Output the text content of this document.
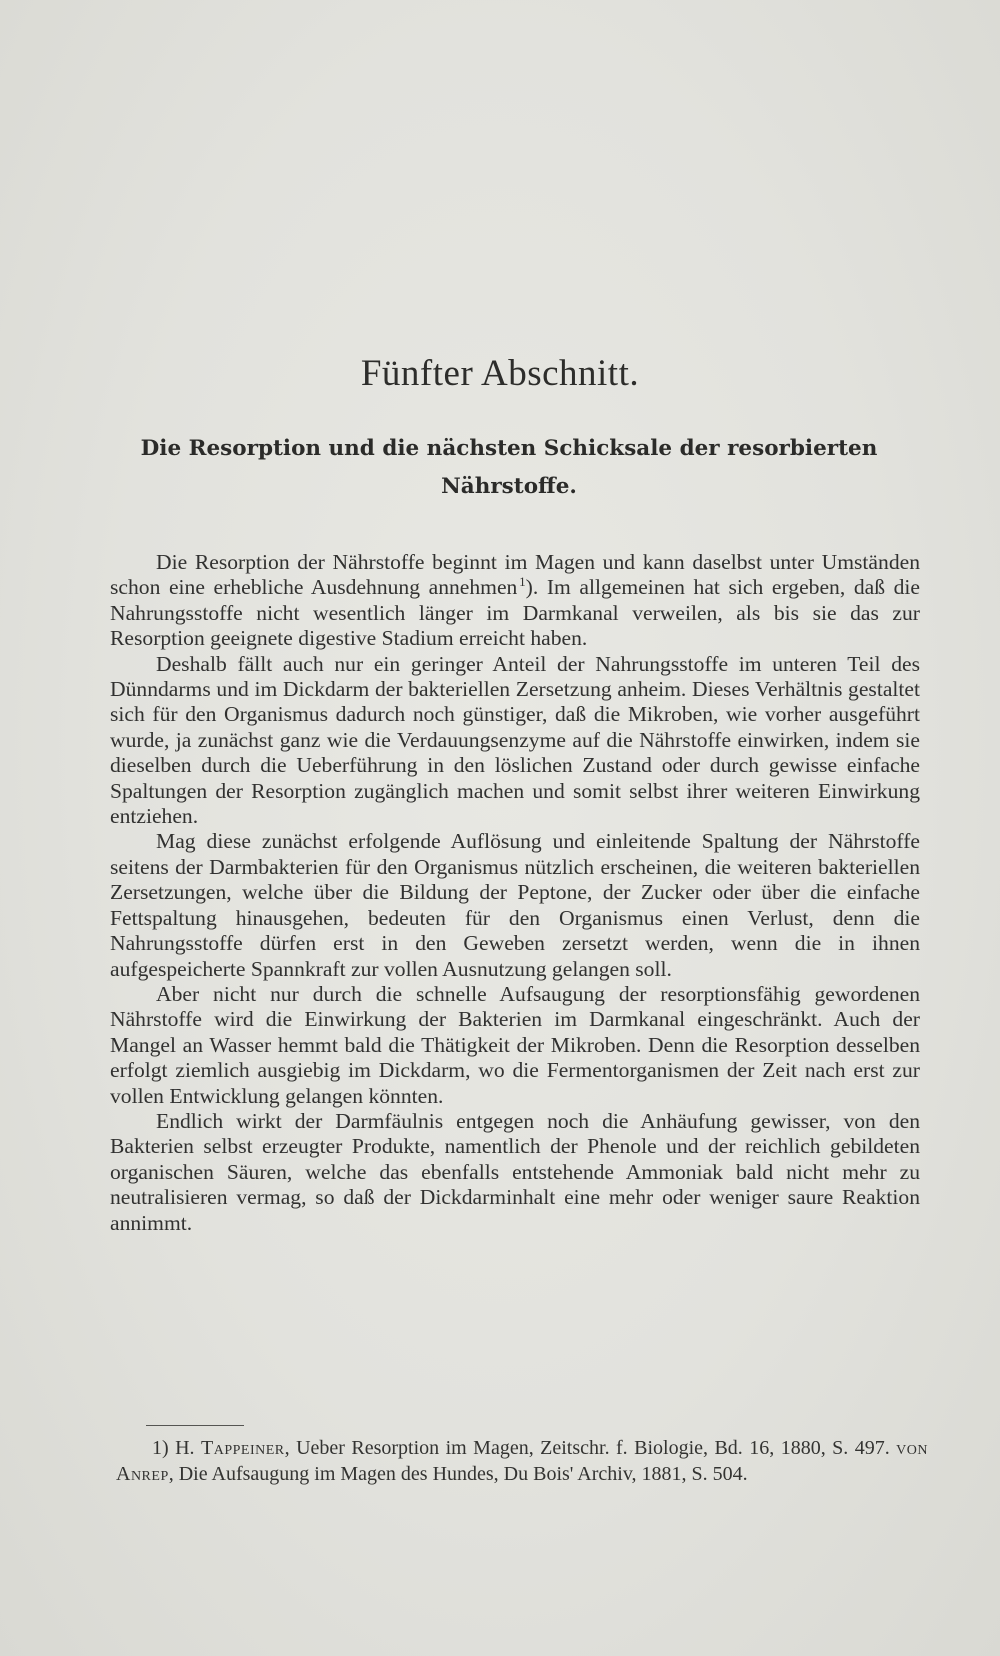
Fünfter Abschnitt.
Die Resorption und die nächsten Schicksale der resorbierten Nährstoffe.

Die Resorption der Nährstoffe beginnt im Magen und kann daselbst unter Umständen schon eine erhebliche Ausdehnung annehmen  $^1$). Im allgemeinen hat sich ergeben, daß die Nahrungsstoffe nicht wesentlich länger im Darmkanal verweilen, als bis sie das zur Resorption geeignete digestive Stadium erreicht haben.

Deshalb fällt auch nur ein geringer Anteil der Nahrungsstoffe im unteren Teil des Dünndarms und im Dickdarm der bakteriellen Zersetzung anheim. Dieses Verhältnis gestaltet sich für den Organismus dadurch noch günstiger, daß die Mikroben, wie vorher ausgeführt wurde, ja zunächst ganz wie die Verdauungsenzyme auf die Nährstoffe einwirken, indem sie dieselben durch die Ueberführung in den löslichen Zustand oder durch gewisse einfache Spaltungen der Resorption zugänglich machen und somit selbst ihrer weiteren Einwirkung entziehen.

Mag diese zunächst erfolgende Auflösung und einleitende Spaltung der Nährstoffe seitens der Darmbakterien für den Organismus nützlich erscheinen, die weiteren bakteriellen Zersetzungen, welche über die Bildung der Peptone, der Zucker oder über die einfache Fettspaltung hinausgehen, bedeuten für den Organismus einen Verlust, denn die Nahrungsstoffe dürfen erst in den Geweben zersetzt werden, wenn die in ihnen aufgespeicherte Spannkraft zur vollen Ausnutzung gelangen soll.

Aber nicht nur durch die schnelle Aufsaugung der resorptionsfähig gewordenen Nährstoffe wird die Einwirkung der Bakterien im Darmkanal eingeschränkt. Auch der Mangel an Wasser hemmt bald die Thätigkeit der Mikroben. Denn die Resorption desselben erfolgt ziemlich ausgiebig im Dickdarm, wo die Fermentorganismen der Zeit nach erst zur vollen Entwicklung gelangen könnten.

Endlich wirkt der Darmfäulnis entgegen noch die Anhäufung gewisser, von den Bakterien selbst erzeugter Produkte, namentlich der Phenole und der reichlich gebildeten organischen Säuren, welche das ebenfalls entstehende Ammoniak bald nicht mehr zu neutralisieren vermag, so daß der Dickdarminhalt eine mehr oder weniger saure Reaktion annimmt.

1) H. Tappeiner, Ueber Resorption im Magen, Zeitschr. f. Biologie, Bd. 16, 1880, S. 497. von Anrep, Die Aufsaugung im Magen des Hundes, Du Bois' Archiv, 1881, S. 504.
